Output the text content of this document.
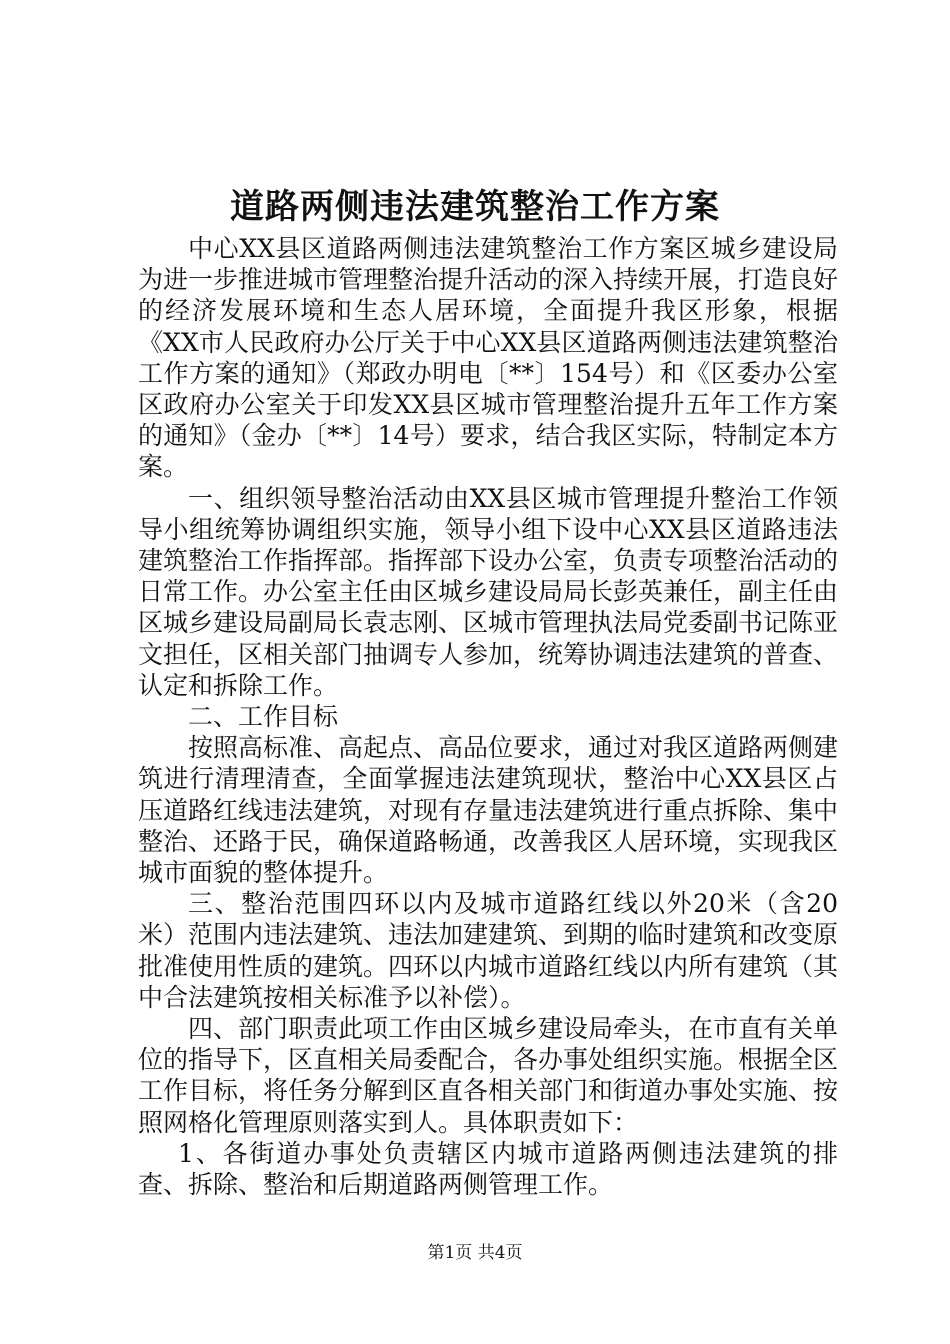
道路两侧违法建筑整治工作方案

中心XX县区道路两侧违法建筑整治工作方案区城乡建设局为进一步推进城市管理整治提升活动的深入持续开展，打造良好的经济发展环境和生态人居环境，全面提升我区形象，根据《XX市人民政府办公厅关于中心XX县区道路两侧违法建筑整治工作方案的通知》（郑政办明电〔**〕154号）和《区委办公室区政府办公室关于印发XX县区城市管理整治提升五年工作方案的通知》（金办〔**〕14号）要求，结合我区实际，特制定本方案。

一、组织领导整治活动由XX县区城市管理提升整治工作领导小组统筹协调组织实施，领导小组下设中心XX县区道路违法建筑整治工作指挥部。指挥部下设办公室，负责专项整治活动的日常工作。办公室主任由区城乡建设局局长彭英兼任，副主任由区城乡建设局副局长袁志刚、区城市管理执法局党委副书记陈亚文担任，区相关部门抽调专人参加，统筹协调违法建筑的普查、认定和拆除工作。

二、工作目标

按照高标准、高起点、高品位要求，通过对我区道路两侧建筑进行清理清查，全面掌握违法建筑现状，整治中心XX县区占压道路红线违法建筑，对现有存量违法建筑进行重点拆除、集中整治、还路于民，确保道路畅通，改善我区人居环境，实现我区城市面貌的整体提升。

三、整治范围四环以内及城市道路红线以外20米（含20米）范围内违法建筑、违法加建建筑、到期的临时建筑和改变原批准使用性质的建筑。四环以内城市道路红线以内所有建筑（其中合法建筑按相关标准予以补偿）。

四、部门职责此项工作由区城乡建设局牵头，在市直有关单位的指导下，区直相关局委配合，各办事处组织实施。根据全区工作目标，将任务分解到区直各相关部门和街道办事处实施、按照网格化管理原则落实到人。具体职责如下：

1、各街道办事处负责辖区内城市道路两侧违法建筑的排查、拆除、整治和后期道路两侧管理工作。

第1页 共4页
